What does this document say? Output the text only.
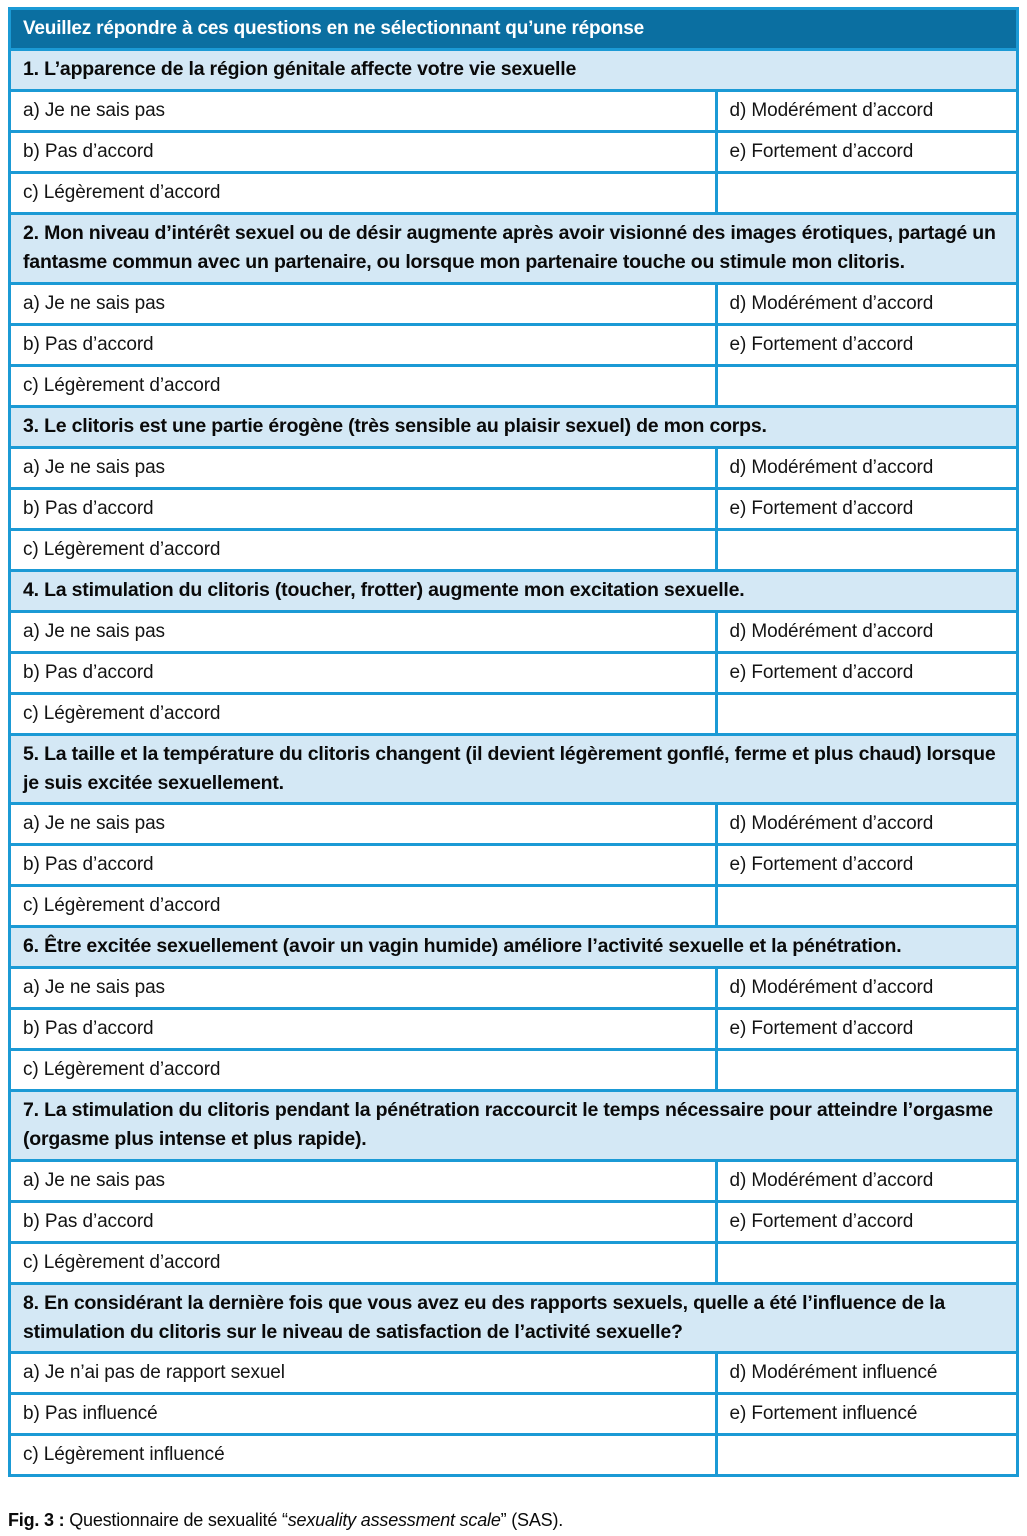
Veuillez répondre à ces questions en ne sélectionnant qu’une réponse
1. L’apparence de la région génitale affecte votre vie sexuelle
a) Je ne sais pas	d) Modérément d’accord
b) Pas d’accord	e) Fortement d’accord
c) Légèrement d’accord
2. Mon niveau d’intérêt sexuel ou de désir augmente après avoir visionné des images érotiques, partagé un fantasme commun avec un partenaire, ou lorsque mon partenaire touche ou stimule mon clitoris.
a) Je ne sais pas	d) Modérément d’accord
b) Pas d’accord	e) Fortement d’accord
c) Légèrement d’accord
3. Le clitoris est une partie érogène (très sensible au plaisir sexuel) de mon corps.
a) Je ne sais pas	d) Modérément d’accord
b) Pas d’accord	e) Fortement d’accord
c) Légèrement d’accord
4. La stimulation du clitoris (toucher, frotter) augmente mon excitation sexuelle.
a) Je ne sais pas	d) Modérément d’accord
b) Pas d’accord	e) Fortement d’accord
c) Légèrement d’accord
5. La taille et la température du clitoris changent (il devient légèrement gonflé, ferme et plus chaud) lorsque je suis excitée sexuellement.
a) Je ne sais pas	d) Modérément d’accord
b) Pas d’accord	e) Fortement d’accord
c) Légèrement d’accord
6. Être excitée sexuellement (avoir un vagin humide) améliore l’activité sexuelle et la pénétration.
a) Je ne sais pas	d) Modérément d’accord
b) Pas d’accord	e) Fortement d’accord
c) Légèrement d’accord
7. La stimulation du clitoris pendant la pénétration raccourcit le temps nécessaire pour atteindre l’orgasme (orgasme plus intense et plus rapide).
a) Je ne sais pas	d) Modérément d’accord
b) Pas d’accord	e) Fortement d’accord
c) Légèrement d’accord
8. En considérant la dernière fois que vous avez eu des rapports sexuels, quelle a été l’influence de la stimulation du clitoris sur le niveau de satisfaction de l’activité sexuelle?
a) Je n’ai pas de rapport sexuel	d) Modérément influencé
b) Pas influencé	e) Fortement influencé
c) Légèrement influencé
Fig. 3 : Questionnaire de sexualité “sexuality assessment scale” (SAS).
